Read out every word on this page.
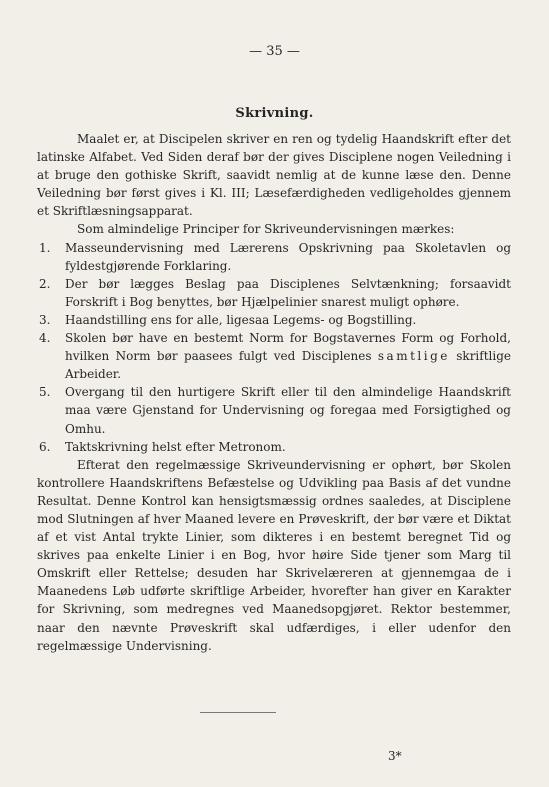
— 35 —
Skrivning.

Maalet er, at Discipelen skriver en ren og tydelig Haandskrift efter det latinske Alfabet. Ved Siden deraf bør der gives Disciplene nogen Veiledning i at bruge den gothiske Skrift, saavidt nemlig at de kunne læse den. Denne Veiledning bør først gives i Kl. III; Læsefærdigheden vedligeholdes gjennem et Skriftlæsningsapparat.

Som almindelige Principer for Skriveundervisningen mærkes:

1. Masseundervisning med Lærerens Opskrivning paa Skoletavlen og fyldestgjørende Forklaring.
2. Der bør lægges Beslag paa Disciplenes Selvtænkning; forsaavidt Forskrift i Bog benyttes, bør Hjælpelinier snarest muligt ophøre.
3. Haandstilling ens for alle, ligesaa Legems- og Bogstilling.
4. Skolen bør have en bestemt Norm for Bogstavernes Form og Forhold, hvilken Norm bør paasees fulgt ved Disciplenes samtlige skriftlige Arbeider.
5. Overgang til den hurtigere Skrift eller til den almindelige Haandskrift maa være Gjenstand for Undervisning og foregaa med Forsigtighed og Omhu.
6. Taktskrivning helst efter Metronom.

Efterat den regelmæssige Skriveundervisning er ophørt, bør Skolen kontrollere Haandskriftens Befæstelse og Udvikling paa Basis af det vundne Resultat. Denne Kontrol kan hensigtsmæssig ordnes saaledes, at Disciplene mod Slutningen af hver Maaned levere en Prøveskrift, der bør være et Diktat af et vist Antal trykte Linier, som dikteres i en bestemt beregnet Tid og skrives paa enkelte Linier i en Bog, hvor høire Side tjener som Marg til Omskrift eller Rettelse; desuden har Skrivelæreren at gjennemgaa de i Maanedens Løb udførte skriftlige Arbeider, hvorefter han giver en Karakter for Skrivning, som medregnes ved Maanedsopgjøret. Rektor bestemmer, naar den nævnte Prøveskrift skal udfærdiges, i eller udenfor den regelmæssige Undervisning.

3*
